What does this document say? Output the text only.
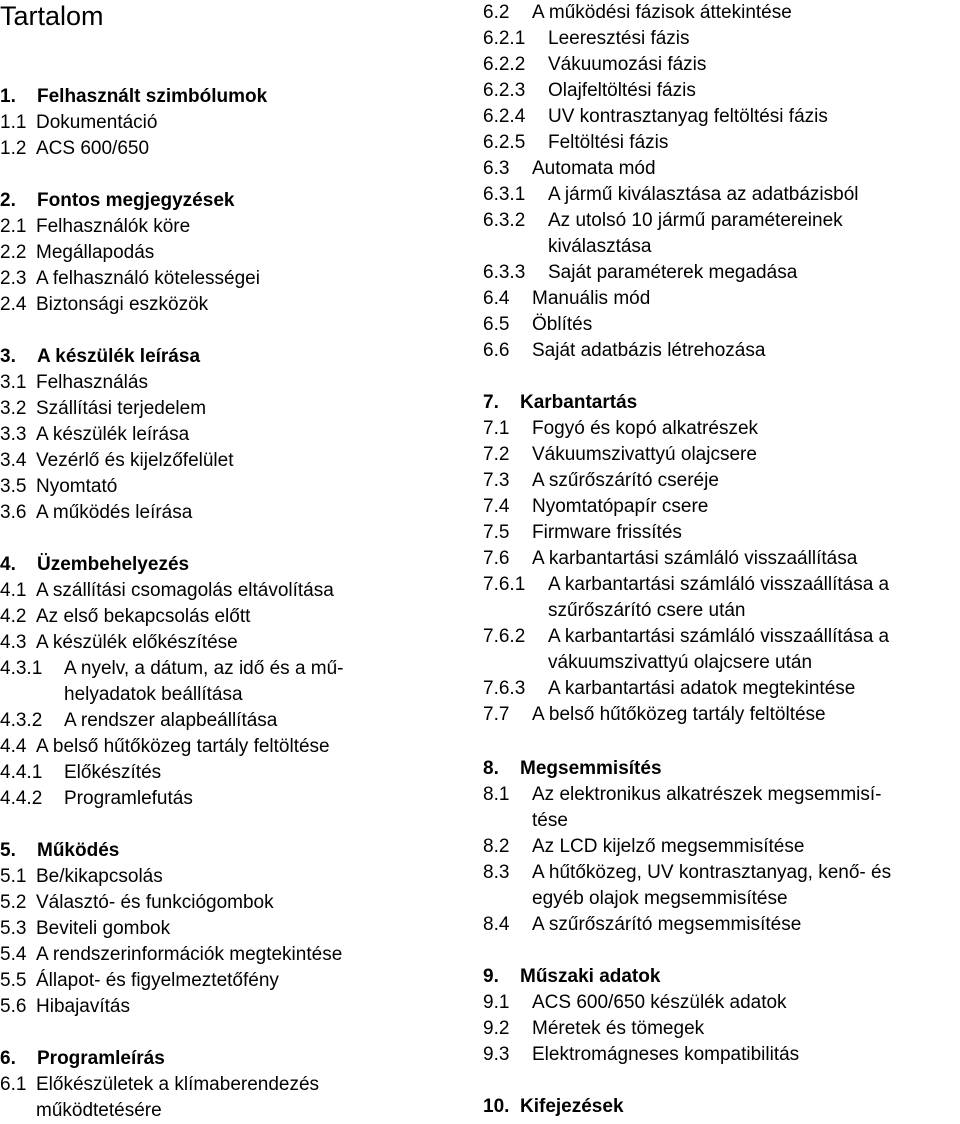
Tartalom
1.	Felhasznált szimbólumok
1.1 Dokumentáció
1.2 ACS 600/650
2.	Fontos megjegyzések
2.1 Felhasználók köre
2.2 Megállapodás
2.3 A felhasználó kötelességei
2.4 Biztonsági eszközök
3.	A készülék leírása
3.1 Felhasználás
3.2 Szállítási terjedelem
3.3 A készülék leírása
3.4 Vezérlő és kijelzőfelület
3.5 Nyomtató
3.6 A működés leírása
4.	Üzembehelyezés
4.1 A szállítási csomagolás eltávolítása
4.2 Az első bekapcsolás előtt
4.3 A készülék előkészítése
4.3.1	A nyelv, a dátum, az idő és a mű-
helyadatok beállítása
4.3.2	A rendszer alapbeállítása
4.4 A belső hűtőközeg tartály feltöltése
4.4.1	Előkészítés
4.4.2	Programlefutás
5.	Működés
5.1 Be/kikapcsolás
5.2 Választó- és funkciógombok
5.3 Beviteli gombok
5.4 A rendszerinformációk megtekintése
5.5 Állapot- és figyelmeztetőfény
5.6 Hibajavítás
6.	Programleírás
6.1 Előkészületek a klímaberendezés
működtetésére
6.2	A működési fázisok áttekintése
6.2.1	Leeresztési fázis
6.2.2	Vákuumozási fázis
6.2.3	Olajfeltöltési fázis
6.2.4	UV kontrasztanyag feltöltési fázis
6.2.5	Feltöltési fázis
6.3	Automata mód
6.3.1	A jármű kiválasztása az adatbázisból
6.3.2	Az utolsó 10 jármű paramétereinek
kiválasztása
6.3.3	Saját paraméterek megadása
6.4	Manuális mód
6.5	Öblítés
6.6	Saját adatbázis létrehozása
7.	Karbantartás
7.1	Fogyó és kopó alkatrészek
7.2	Vákuumszivattyú olajcsere
7.3	A szűrőszárító cseréje
7.4	Nyomtatópapír csere
7.5	Firmware frissítés
7.6	A karbantartási számláló visszaállítása
7.6.1	A karbantartási számláló visszaállítása a
szűrőszárító csere után
7.6.2	A karbantartási számláló visszaállítása a
vákuumszivattyú olajcsere után
7.6.3	A karbantartási adatok megtekintése
7.7	A belső hűtőközeg tartály feltöltése
8.	Megsemmisítés
8.1	Az elektronikus alkatrészek megsemmisí-
tése
8.2	Az LCD kijelző megsemmisítése
8.3	A hűtőközeg, UV kontrasztanyag, kenő- és
egyéb olajok megsemmisítése
8.4	A szűrőszárító megsemmisítése
9.	Műszaki adatok
9.1	ACS 600/650 készülék adatok
9.2	Méretek és tömegek
9.3	Elektromágneses kompatibilitás
10. Kifejezések
